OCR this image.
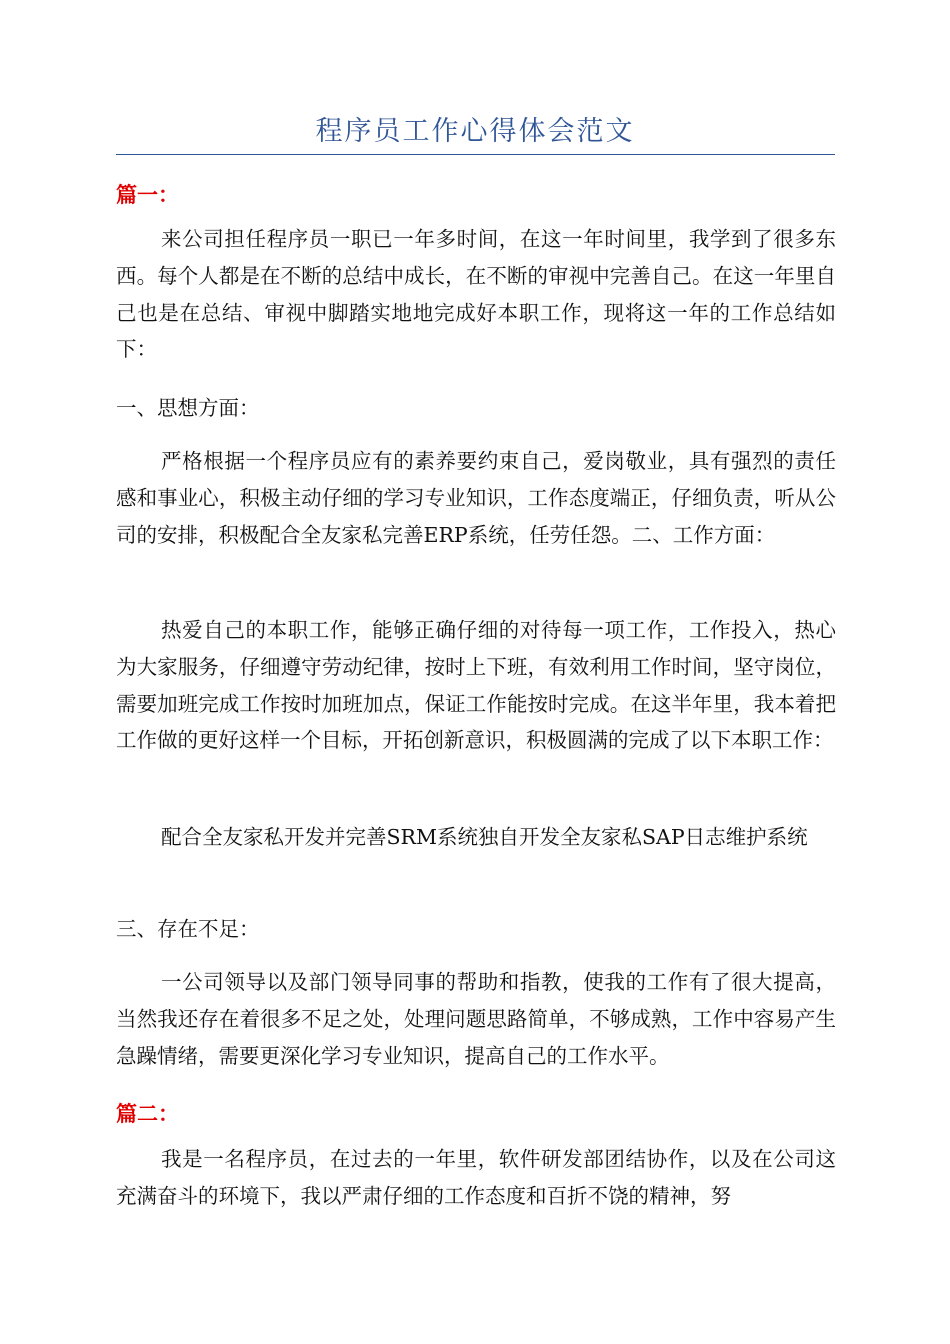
程序员工作心得体会范文
篇一：

来公司担任程序员一职已一年多时间，在这一年时间里，我学到了很多东西。每个人都是在不断的总结中成长，在不断的审视中完善自己。在这一年里自己也是在总结、审视中脚踏实地地完成好本职工作，现将这一年的工作总结如下：

一、思想方面：

严格根据一个程序员应有的素养要约束自己，爱岗敬业，具有强烈的责任感和事业心，积极主动仔细的学习专业知识，工作态度端正，仔细负责，听从公司的安排，积极配合全友家私完善ERP系统，任劳任怨。二、工作方面：

热爱自己的本职工作，能够正确仔细的对待每一项工作，工作投入，热心为大家服务，仔细遵守劳动纪律，按时上下班，有效利用工作时间，坚守岗位，需要加班完成工作按时加班加点，保证工作能按时完成。在这半年里，我本着把工作做的更好这样一个目标，开拓创新意识，积极圆满的完成了以下本职工作：

配合全友家私开发并完善SRM系统独自开发全友家私SAP日志维护系统

三、存在不足：

一公司领导以及部门领导同事的帮助和指教，使我的工作有了很大提高，当然我还存在着很多不足之处，处理问题思路简单，不够成熟，工作中容易产生急躁情绪，需要更深化学习专业知识，提高自己的工作水平。

篇二：

我是一名程序员，在过去的一年里，软件研发部团结协作，以及在公司这充满奋斗的环境下，我以严肃仔细的工作态度和百折不饶的精神，努
